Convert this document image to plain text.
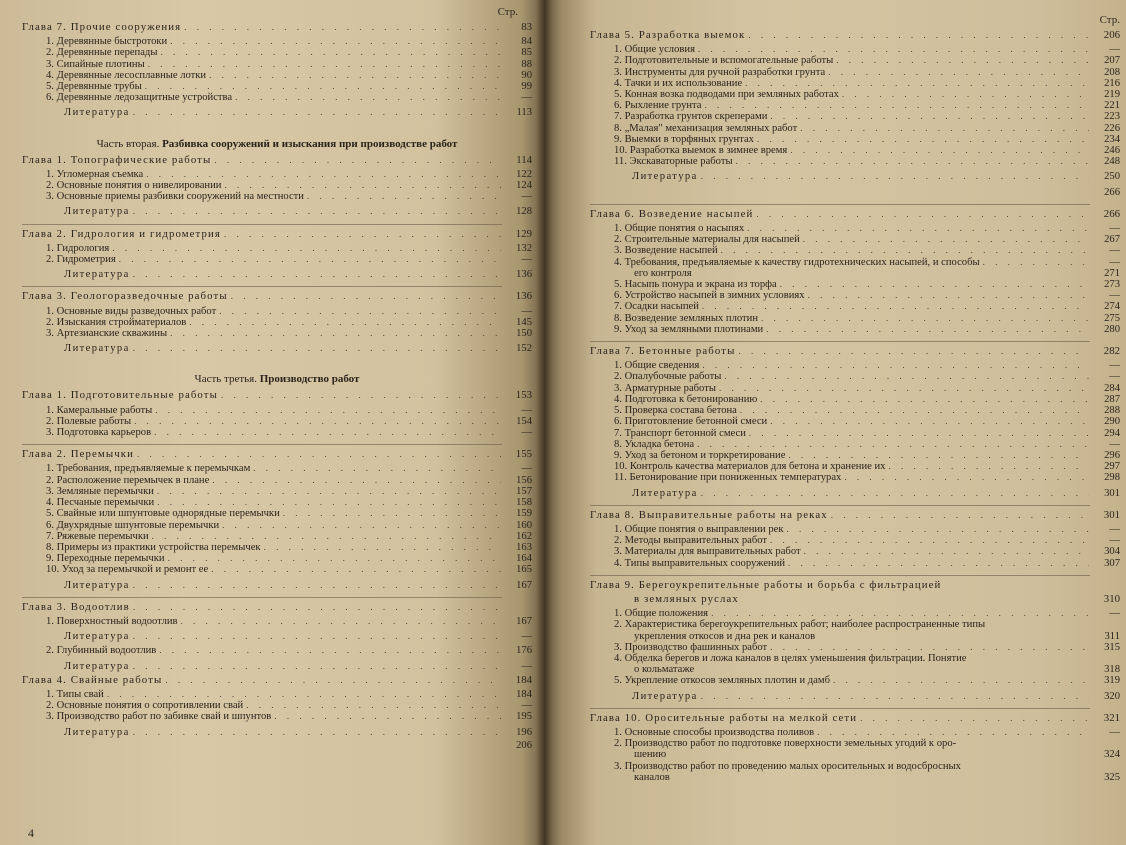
Стр.
Глава 7. Прочие сооружения . . .	83
1. Деревянные быстротоки . . .	84
2. Деревянные перепады . . .	85
3. Сипайные плотины . . .	88
4. Деревянные лесосплавные лотки . . .	90
5. Деревянные трубы . . .	99
6. Деревянные ледозащитные устройства . . .	—
Литература . . .	113
Часть вторая. Разбивка сооружений и изыскания при производстве работ
Глава 1. Топографические работы . . .	114
1. Угломерная съемка . . .	122
2. Основные понятия о нивелировании . . .	124
3. Основные приемы разбивки сооружений на местности . . .	—
Литература . . .	128
Глава 2. Гидрология и гидрометрия . . .	129
1. Гидрология . . .	132
2. Гидрометрия . . .	—
Литература . . .	136
Глава 3. Геологоразведочные работы . . .	136
1. Основные виды разведочных работ . . .	—
2. Изыскания стройматериалов . . .	145
3. Артезианские скважины . . .	150
Литература . . .	152
Часть третья. Производство работ
Глава 1. Подготовительные работы . . .	153
1. Камеральные работы . . .	—
2. Полевые работы . . .	154
3. Подготовка карьеров . . .	—
Глава 2. Перемычки . . .	155
1. Требования, предъявляемые к перемычкам . . .	—
2. Расположение перемычек в плане . . .	156
3. Земляные перемычки . . .	157
4. Песчаные перемычки . . .	158
5. Свайные или шпунтовые однорядные перемычки . . .	159
6. Двухрядные шпунтовые перемычки . . .	160
7. Ряжевые перемычки . . .	162
8. Примеры из практики устройства перемычек . . .	163
9. Переходные перемычки . . .	164
10. Уход за перемычкой и ремонт ее . . .	165
Литература . . .	167
Глава 3. Водоотлив
. . .
1. Поверхностный водоотлив . . .	167
Литература . . .	—
2. Глубинный водоотлив . . .	176
Литература . . .	—
Глава 4. Свайные работы . . .	184
1. Типы свай . . .	184
2. Основные понятия о сопротивлении свай . . .	—
3. Производство работ по забивке свай и шпунтов . . .	195
Литература . . .	196
206
4
Стр.
Глава 5. Разработка выемок . . .	206
1. Общие условия . . .	—
2. Подготовительные и вспомогательные работы . . .	207
3. Инструменты для ручной разработки грунта . . .	208
4. Тачки и их использование . . .	216
5. Конная возка подводами при земляных работах . . .	219
6. Рыхление грунта . . .	221
7. Разработка грунтов скреперами . . .	223
8. „Малая" механизация земляных работ . . .	226
9. Выемки в торфяных грунтах . . .	234
10. Разработка выемок в зимнее время . . .	246
11. Экскаваторные работы . . .	248
Литература . . .	250
266
Глава 6. Возведение насыпей . . .	266
1. Общие понятия о насыпях . . .	—
2. Строительные материалы для насыпей . . .	267
3. Возведение насыпей . . .	—
4. Требования, предъявляемые к качеству гидротехнических насыпей, и способы . . .	—
его контроля	271
5. Насыпь понура и экрана из торфа . . .	273
6. Устройство насыпей в зимних условиях . . .	—
7. Осадки насыпей . . .	274
8. Возведение земляных плотин . . .	275
9. Уход за земляными плотинами . . .	280
Глава 7. Бетонные работы . . .	282
1. Общие сведения . . .	—
2. Опалубочные работы . . .	—
3. Арматурные работы . . .	284
4. Подготовка к бетонированию . . .	287
5. Проверка состава бетона . . .	288
6. Приготовление бетонной смеси . . .	290
7. Транспорт бетонной смеси . . .	294
8. Укладка бетона . . .	—
9. Уход за бетоном и торкретирование . . .	296
10. Контроль качества материалов для бетона и хранение их . . .	297
11. Бетонирование при пониженных температурах . . .	298
Литература . . .	301
Глава 8. Выправительные работы на реках . . .	301
1. Общие понятия о выправлении рек . . .	—
2. Методы выправительных работ . . .	—
3. Материалы для выправительных работ . . .	304
4. Типы выправительных сооружений . . .	307
Глава 9. Берегоукрепительные работы и борьба с фильтрацией
в земляных руслах	310
1. Общие положения . . .	—
2. Характеристика берегоукрепительных работ; наиболее распространенные типы
укрепления откосов и дна рек и каналов	311
3. Производство фашинных работ . . .	315
4. Обделка берегов и ложа каналов в целях уменьшения фильтрации. Понятие
о кольматаже	318
5. Укрепление откосов земляных плотин и дамб . . .	319
Литература . . .	320
Глава 10. Оросительные работы на мелкой сети . . .	321
1. Основные способы производства поливов . . .	—
2. Производство работ по подготовке поверхности земельных угодий к оро-
шению	324
3. Производство работ по проведению малых оросительных и водосбросных
каналов	325
